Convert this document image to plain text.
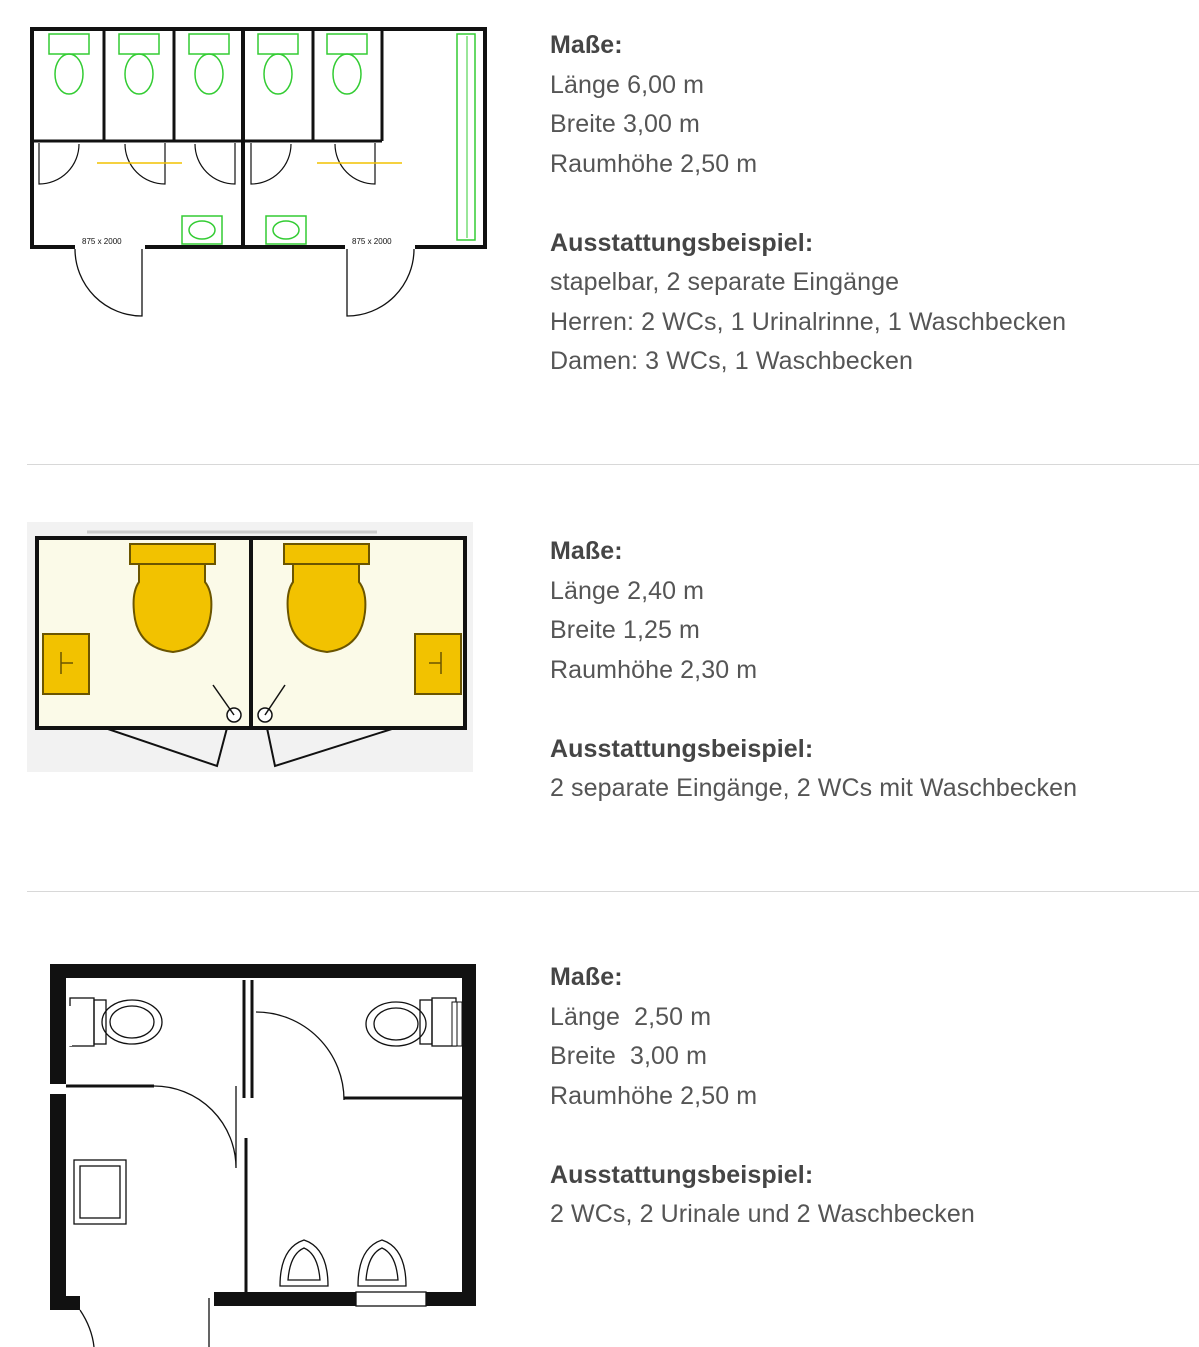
875 x 2000	875 x 2000
Maße:
Länge 6,00 m
Breite 3,00 m
Raumhöhe 2,50 m
Ausstattungsbeispiel:
stapelbar, 2 separate Eingänge
Herren: 2 WCs, 1 Urinalrinne, 1 Waschbecken
Damen: 3 WCs, 1 Waschbecken
Maße:
Länge 2,40 m
Breite 1,25 m
Raumhöhe 2,30 m
Ausstattungsbeispiel:
2 separate Eingänge, 2 WCs mit Waschbecken
Maße:
Länge  2,50 m
Breite  3,00 m
Raumhöhe 2,50 m
Ausstattungsbeispiel:
2 WCs, 2 Urinale und 2 Waschbecken
